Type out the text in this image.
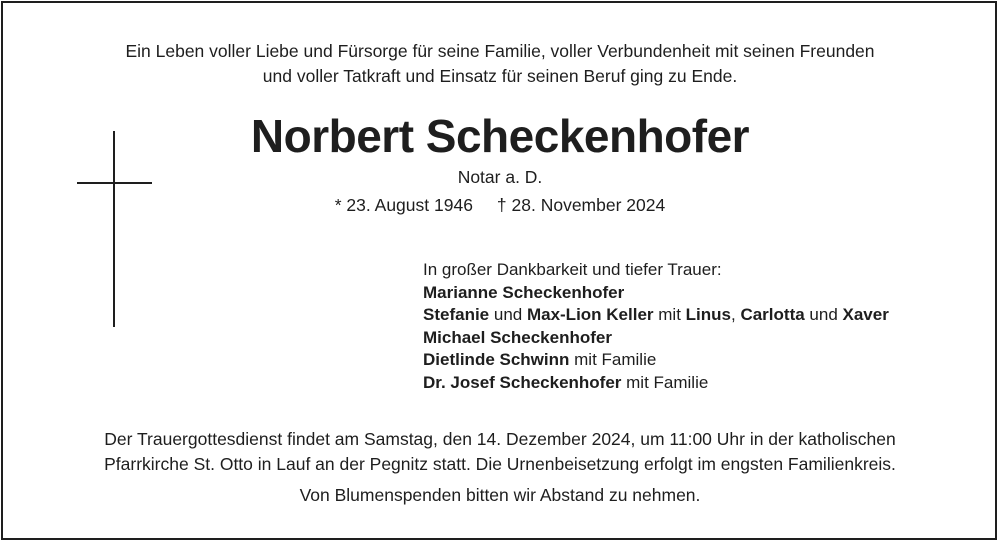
Ein Leben voller Liebe und Fürsorge für seine Familie, voller Verbundenheit mit seinen Freunden
und voller Tatkraft und Einsatz für seinen Beruf ging zu Ende.
Norbert Scheckenhofer
Notar a. D.
* 23. August 1946 † 28. November 2024
In großer Dankbarkeit und tiefer Trauer:
Marianne Scheckenhofer
Stefanie und Max-Lion Keller mit Linus, Carlotta und Xaver
Michael Scheckenhofer
Dietlinde Schwinn mit Familie
Dr. Josef Scheckenhofer mit Familie
Der Trauergottesdienst findet am Samstag, den 14. Dezember 2024, um 11:00 Uhr in der katholischen
Pfarrkirche St. Otto in Lauf an der Pegnitz statt. Die Urnenbeisetzung erfolgt im engsten Familienkreis.
Von Blumenspenden bitten wir Abstand zu nehmen.
